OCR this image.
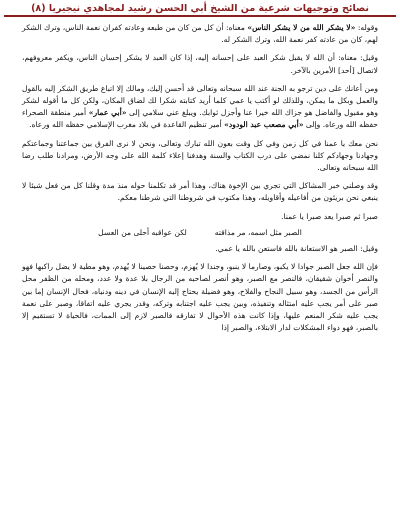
نصائح وتوجيهات شرعية من الشيخ أبي الحسن رشيد لمجاهدي نيجيريا (٨)

وقوله: «لا يشكر الله من لا يشكر الناس» معناه: أن كل من كان من طبعه وعادته كفران نعمة الناس، وترك الشكر لهم، كان من عادته كفر نعمة الله، وترك الشكر له.

وقيل: معناه: أن الله لا يقبل شكر العبد على إحسانه إليه، إذا كان العبد لا يشكر إحسان الناس، ويكفر معروفهم، لاتصال [أحد] الأمرين بالآخر.

ومن أعانك على دين ترجو به الجنة عند الله سبحانه وتعالى قد أحسن إليك، ومالك إلا اتباع طريق الشكر إليه بالقول والعمل وبكل ما يمكن، وللذلك لو أكتب يا عمي كلما أريد كتابته شكرا لك لضاق المكان، ولكن كل ما أقوله لشكر وهو مقبول والفاضل هو جزاك الله خيرا عنا وأجزل ثوابك. ويبلغ عني سلامي إلى «أبي عمار» أمير منطقة الصحراء حفظه الله ورعاه. وإلى «أبي مصعب عبد الودود» أمير تنظيم القاعدة في بلاد مغرب الإسلامي حفظه الله ورعاه.

نحن معك يا عمنا في كل زمن وفي كل وقت بعون الله تبارك وتعالى، ونحن لا نرى الفرق بين جماعتنا وجماعتكم وجهادنا وجهادكم كلنا نمضي على درب الكتاب والسنة وهدفنا إعلاء كلمة الله على وجه الأرض، ومرادنا طلب رضا الله سبحانه وتعالى.

وقد وصلني خبر المشاكل التي تجري بين الإخوة هناك، وهذا أمر قد تكلمنا حوله منذ مدة وقلنا كل من فعل شيئا لا ينبغي نحن بريئون من أفاعيله وأقاويله، وهذا مكتوب في شروطنا التي شرطنا معكم.

صبرا ثم صبرا يعد صبرا يا عمنا.

الصبر مثل اسمه، مر مذاقته
لكن عواقبه أحلى من العسل

وقيل: الصبر هو الاستعانة بالله فاستعن بالله يا عمي.

فإن الله جعل الصبر جوادا لا يكبو، وصارما لا ينبو، وجندا لا يُهزم، وحصنا حصينا لا يُهدم، وهو مطية لا يضل راكبها فهو والنصر أخوان شقيقان، فالنصر مع الصبر، وهو أنصر لصاحبه من الرجال بلا عدة ولا عدد، ومحله من الظفر محل الرأس من الجسد، وهو سبيل النجاح والفلاح، وهو فضيلة يحتاج إليه الإنسان في دينه ودنياه، فحال الإنسان إما بين صبر على أمر يجب عليه امتثاله وتنفيذه، وبين يجب عليه اجتنابه وتركه، وقدر يجري عليه اتفاقا، وصبر على نعمة يجب عليه شكر المنعم عليها، وإذا كانت هذه الأحوال لا تفارقه فالصبر لازم إلى الممات، فالحياة لا تستقيم إلا بالصبر، فهو دواء المشكلات لدار الابتلاء، والصبر إذا
